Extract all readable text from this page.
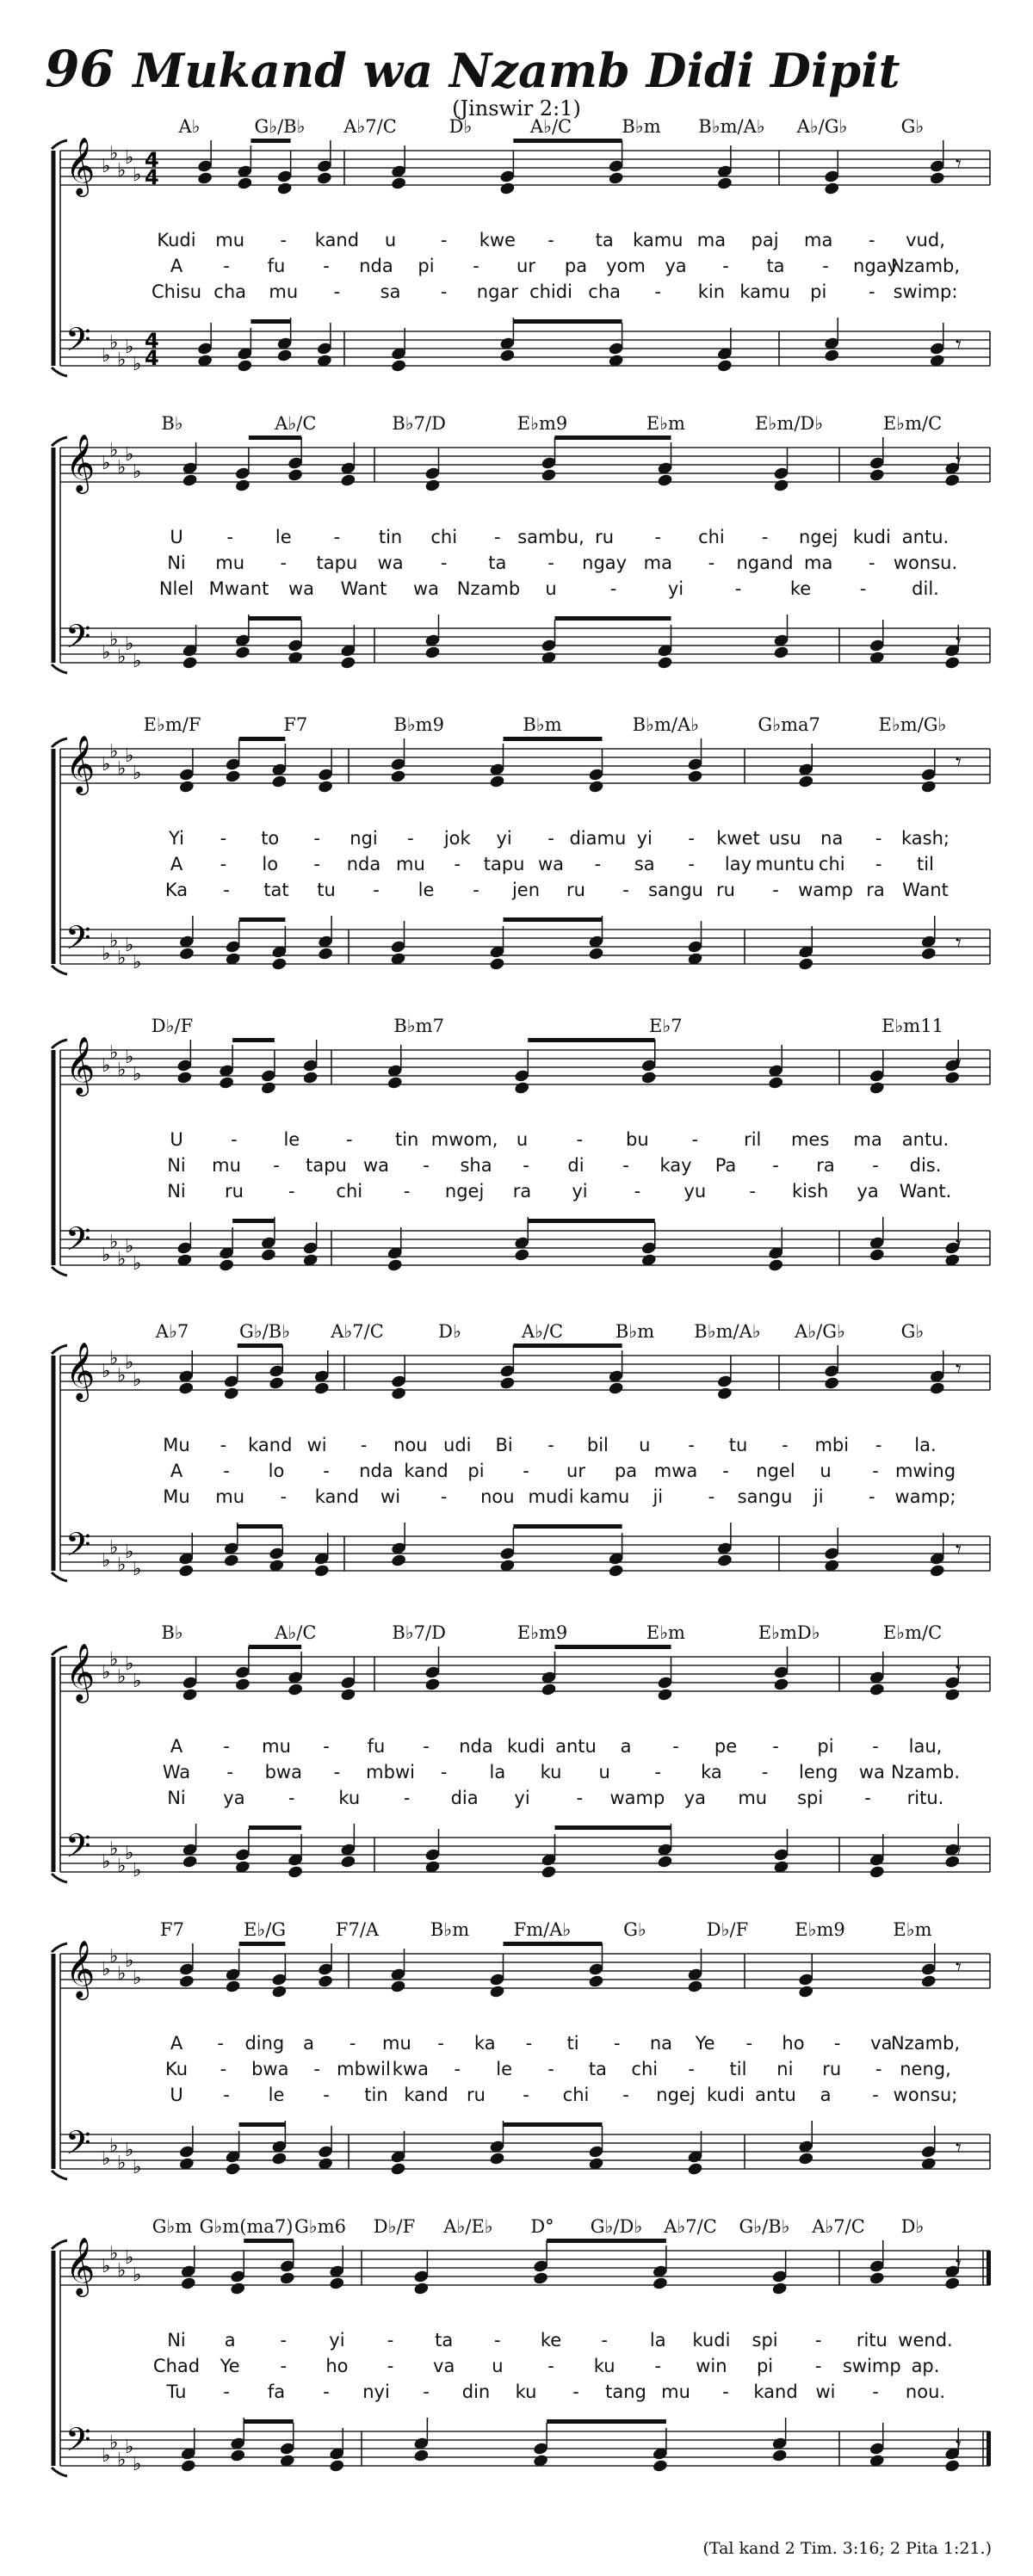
96 Mukand wa Nzamb Didi Dipit
(Jinswir 2:1)
𝄞
𝄢
♭
♭
♭
♭
♭
♭
♭
♭
♭
♭
4
4
4
4
𝄾
𝄾
A♭	G♭/B♭ A♭7/C	D♭	A♭/C	B♭m B♭m/A♭ A♭/G♭	G♭
Kudi mu - kand u - kwe - ta kamu ma paj ma - vud,
A - fu - nda pi - ur pa yom ya - ta - ngay
Nzamb,
Chisu cha mu - sa - ngar chidi cha - kin kamu pi - swimp:
𝄞
𝄢
♭
♭
♭
♭
♭
♭
♭
♭
♭
♭
𝄾
𝄾
B♭	A♭/C	B♭7/D	E♭m9	E♭m	E♭m/D♭	E♭m/C
U - le - tin chi - sambu, ru - chi - ngej kudi antu.
Ni mu - tapu wa - ta - ngay ma - ngand ma - wonsu.
Nlel Mwant wa Want wa Nzamb u	-	yi	-	ke	-	dil.
𝄞
𝄢
♭
♭
♭
♭
♭
♭
♭
♭
♭
♭
𝄾
𝄾
E♭m/F	F7	B♭m9	B♭m	B♭m/A♭	G♭ma7	E♭m/G♭
Yi - to - ngi - jok yi - diamu yi - kwet usu na - kash;
A - lo - nda mu - tapu wa - sa - lay muntu chi - til
Ka - tat tu - le - jen ru - sangu ru - wamp ra Want
𝄞
𝄢
♭
♭
♭
♭
♭
♭
♭
♭
♭
♭
𝄾
𝄾
D♭/F	B♭m7	E♭7	E♭m11
U	-	le	- tin mwom, u	- bu -	ril mes ma antu.
Ni mu - tapu wa - sha - di - kay Pa - ra - dis.
Ni ru - chi - ngej ra yi	- yu - kish ya Want.
𝄞
𝄢
♭
♭
♭
♭
♭
♭
♭
♭
♭
♭
𝄾
𝄾
A♭7	G♭/B♭ A♭7/C	D♭	A♭/C	B♭m B♭m/A♭ A♭/G♭	G♭
Mu - kand wi - nou udi Bi - bil u - tu - mbi - la.
A - lo - nda kand pi - ur pa mwa - ngel u - mwing
Mu mu - kand wi - nou mudi kamu ji	- sangu ji	- wamp;
𝄞
𝄢
♭
♭
♭
♭
♭
♭
♭
♭
♭
♭
𝄾
𝄾
B♭	A♭/C	B♭7/D	E♭m9	E♭m	E♭mD♭	E♭m/C
A - mu - fu - nda kudi antu a - pe - pi - lau,
Wa - bwa - mbwi - la ku u - ka - leng wa Nzamb.
Ni ya - ku - dia yi	- wamp ya mu spi - ritu.
𝄞
𝄢
♭
♭
♭
♭
♭
♭
♭
♭
♭
♭
𝄾
𝄾
F7	E♭/G	F7/A	B♭m Fm/A♭	G♭	D♭/F	E♭m9	E♭m
A - ding a - mu - ka - ti - na Ye - ho - va
Nzamb,
Ku - bwa - mbwil kwa - le - ta chi - til ni ru - neng,
U - le - tin kand ru - chi - ngej kudi antu a - wonsu;
𝄞
𝄢
♭
♭
♭
♭
♭
♭
♭
♭
♭
♭
𝄾
𝄾
G♭m G♭m(ma7) G♭m6 D♭/F A♭/E♭ D° G♭/D♭ A♭7/C G♭/B♭ A♭7/C D♭
Ni a - yi - ta - ke - la kudi spi - ritu wend.
Chad Ye - ho - va u - ku - win pi - swimp ap.
Tu - fa - nyi - din ku - tang mu - kand wi - nou.
(Tal kand 2 Tim. 3:16; 2 Pita 1:21.)
